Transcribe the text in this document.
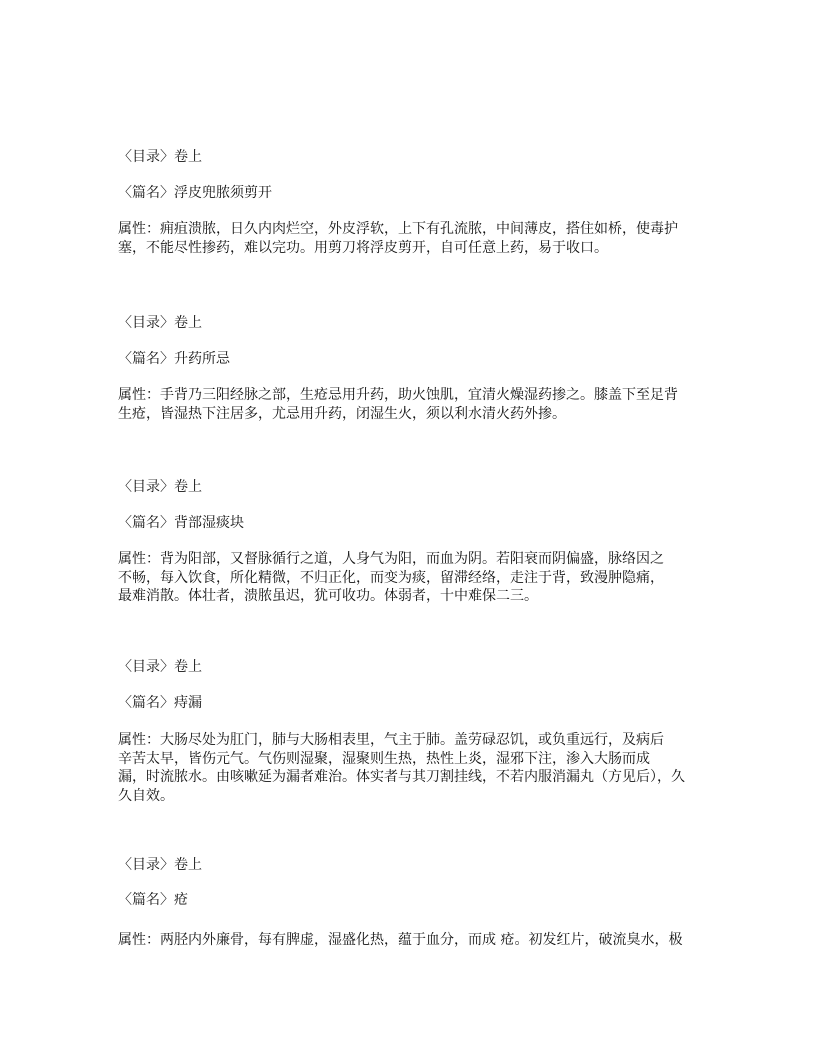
〈目录〉卷上
〈篇名〉浮皮兜脓须剪开
属性：痈疽溃脓，日久内肉烂空，外皮浮软，上下有孔流脓，中间薄皮，搭住如桥，使毒护
塞，不能尽性掺药，难以完功。用剪刀将浮皮剪开，自可任意上药，易于收口。
〈目录〉卷上
〈篇名〉升药所忌
属性：手背乃三阳经脉之部，生疮忌用升药，助火蚀肌，宜清火燥湿药掺之。膝盖下至足背
生疮，皆湿热下注居多，尤忌用升药，闭湿生火，须以利水清火药外掺。
〈目录〉卷上
〈篇名〉背部湿痰块
属性：背为阳部，又督脉循行之道，人身气为阳，而血为阴。若阳衰而阴偏盛，脉络因之
不畅，每入饮食，所化精微，不归正化，而变为痰，留滞经络，走注于背，致漫肿隐痛，
最难消散。体壮者，溃脓虽迟，犹可收功。体弱者，十中难保二三。
〈目录〉卷上
〈篇名〉痔漏
属性：大肠尽处为肛门，肺与大肠相表里，气主于肺。盖劳碌忍饥，或负重远行，及病后
辛苦太早，皆伤元气。气伤则湿聚，湿聚则生热，热性上炎，湿邪下注，渗入大肠而成
漏，时流脓水。由咳嗽延为漏者难治。体实者与其刀割挂线，不若内服消漏丸（方见后），久
久自效。
〈目录〉卷上
〈篇名〉疮
属性：两胫内外廉骨，每有脾虚，湿盛化热，蕴于血分，而成 疮。初发红片，破流臭水，极
